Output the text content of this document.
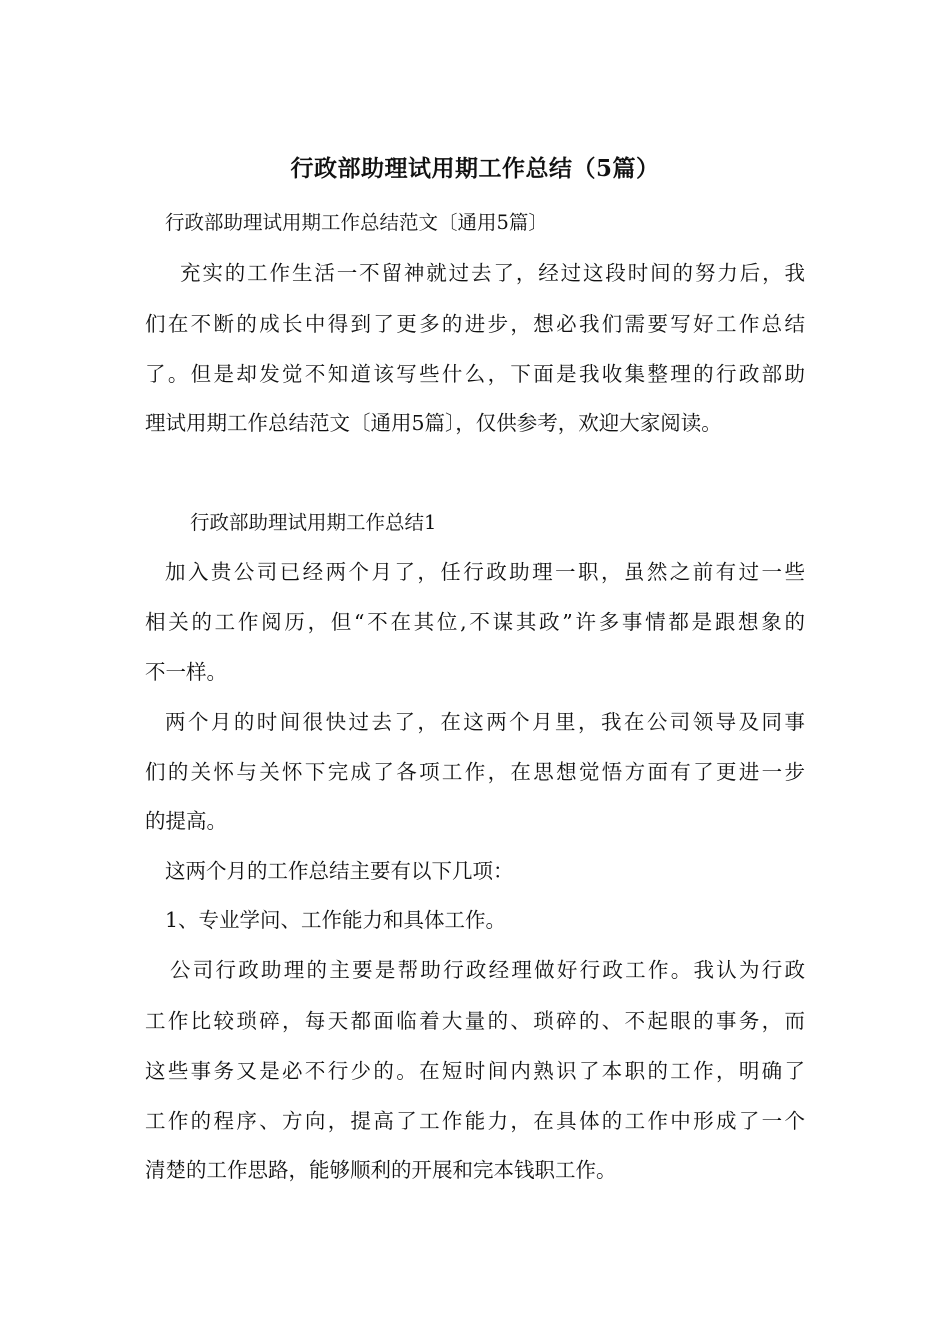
行政部助理试用期工作总结（5篇）
行政部助理试用期工作总结范文〔通用5篇〕
充实的工作生活一不留神就过去了，经过这段时间的努力后，我
们在不断的成长中得到了更多的进步，想必我们需要写好工作总结
了。但是却发觉不知道该写些什么，下面是我收集整理的行政部助
理试用期工作总结范文〔通用5篇〕，仅供参考，欢迎大家阅读。
行政部助理试用期工作总结1
加入贵公司已经两个月了，任行政助理一职，虽然之前有过一些
相关的工作阅历，但“不在其位,不谋其政”许多事情都是跟想象的
不一样。
两个月的时间很快过去了，在这两个月里，我在公司领导及同事
们的关怀与关怀下完成了各项工作，在思想觉悟方面有了更进一步
的提高。
这两个月的工作总结主要有以下几项：
1、专业学问、工作能力和具体工作。
公司行政助理的主要是帮助行政经理做好行政工作。我认为行政
工作比较琐碎，每天都面临着大量的、琐碎的、不起眼的事务，而
这些事务又是必不行少的。在短时间内熟识了本职的工作，明确了
工作的程序、方向，提高了工作能力，在具体的工作中形成了一个
清楚的工作思路，能够顺利的开展和完本钱职工作。
